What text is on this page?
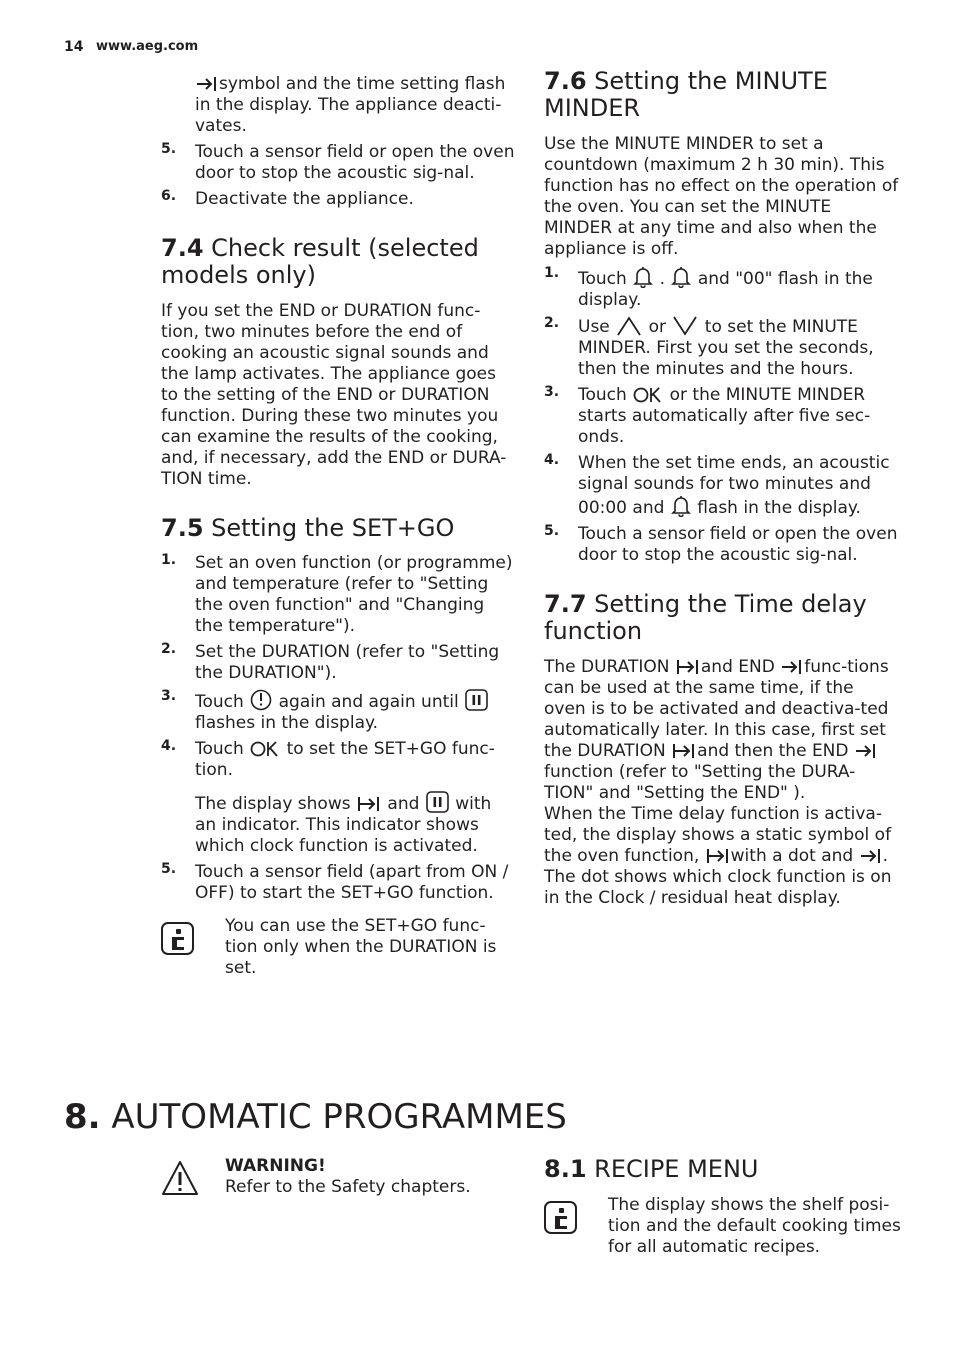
14 www.aeg.com

symbol and the time setting flash in the display. The appliance deacti-vates.

5. Touch a sensor field or open the oven door to stop the acoustic sig-nal.

6. Deactivate the appliance.

7.4 Check result (selected models only)

If you set the END or DURATION func-tion, two minutes before the end of cooking an acoustic signal sounds and the lamp activates. The appliance goes to the setting of the END or DURATION function. During these two minutes you can examine the results of the cooking, and, if necessary, add the END or DURA-TION time.

7.5 Setting the SET+GO
1. Set an oven function (or programme) and temperature (refer to "Setting the oven function" and "Changing the temperature").

2. Set the DURATION (refer to "Setting the DURATION").

3. Touch again and again until
flashes in the display.

4. Touch	to set the SET+GO func-tion.

The display shows and with an indicator. This indicator shows which clock function is activated.

5. Touch a sensor field (apart from ON / OFF) to start the SET+GO function.

You can use the SET+GO func-tion only when the DURATION is set.

7.6 Setting the MINUTE MINDER

Use the MINUTE MINDER to set a countdown (maximum 2 h 30 min). This function has no effect on the operation of the oven. You can set the MINUTE MINDER at any time and also when the appliance is off.

1. Touch . and "00" flash in the display.

2. Use or to set the MINUTE MINDER. First you set the seconds, then the minutes and the hours.

3. Touch	or the MINUTE MINDER starts automatically after five sec-onds.

4. When the set time ends, an acoustic signal sounds for two minutes and 00:00 and flash in the display.

5. Touch a sensor field or open the oven door to stop the acoustic sig-nal.

7.7 Setting the Time delay function

The DURATION and END func-tions can be used at the same time, if the oven is to be activated and deactiva-ted automatically later. In this case, first set the DURATION and then the END
function (refer to "Setting the DURA-TION" and "Setting the END" ).
When the Time delay function is activa-ted, the display shows a static symbol of the oven function, with a dot and . The dot shows which clock function is on in the Clock / residual heat display.

8. AUTOMATIC PROGRAMMES
WARNING!
Refer to the Safety chapters.
8.1 RECIPE MENU

The display shows the shelf posi-tion and the default cooking times for all automatic recipes.
